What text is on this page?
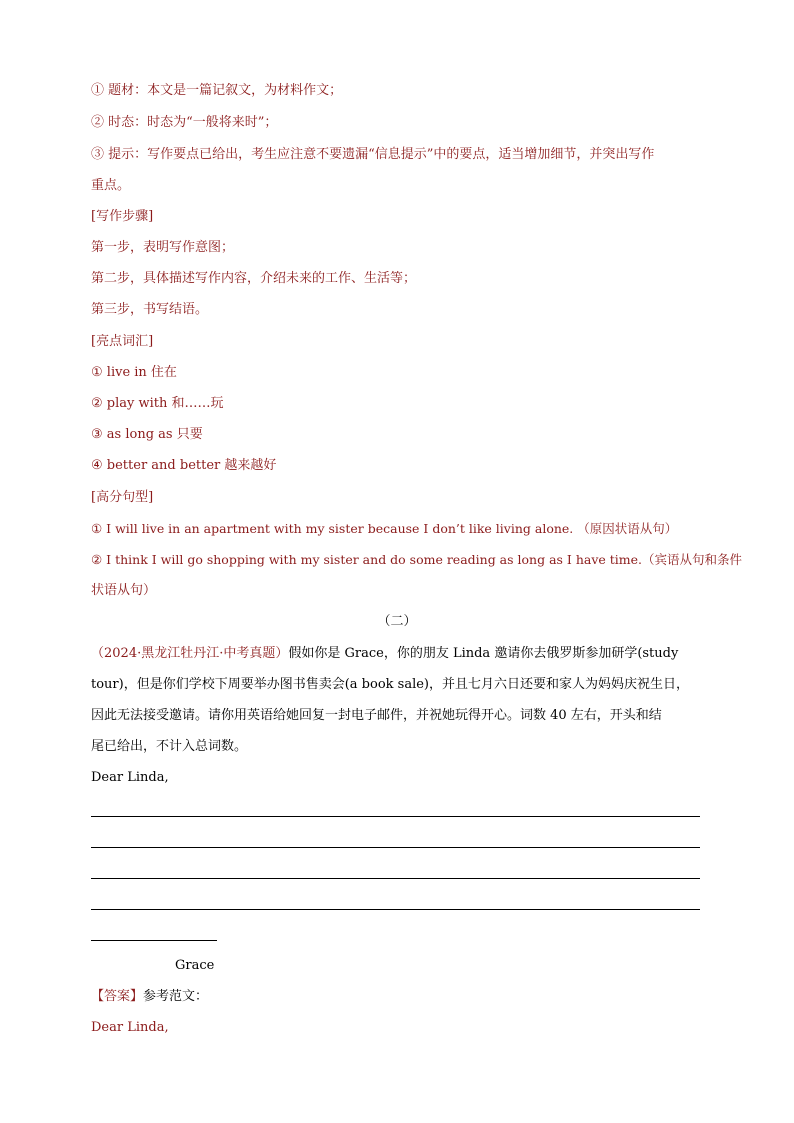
① 题材：本文是一篇记叙文，为材料作文；
② 时态：时态为“一般将来时”；
③ 提示：写作要点已给出，考生应注意不要遗漏“信息提示”中的要点，适当增加细节，并突出写作
重点。
[写作步骤]
第一步，表明写作意图；
第二步，具体描述写作内容，介绍未来的工作、生活等；
第三步，书写结语。
[亮点词汇]
① live in 住在
② play with 和……玩
③ as long as 只要
④ better and better 越来越好
[高分句型]
① I will live in an apartment with my sister because I don’t like living alone. （原因状语从句）
② I think I will go shopping with my sister and do some reading as long as I have time.（宾语从句和条件
状语从句）
（二）
（2024·黑龙江牡丹江·中考真题）假如你是 Grace，你的朋友 Linda 邀请你去俄罗斯参加研学(study
tour)，但是你们学校下周要举办图书售卖会(a book sale)，并且七月六日还要和家人为妈妈庆祝生日，
因此无法接受邀请。请你用英语给她回复一封电子邮件，并祝她玩得开心。词数 40 左右，开头和结
尾已给出，不计入总词数。
Dear Linda,
Grace
【答案】参考范文：
Dear Linda,
